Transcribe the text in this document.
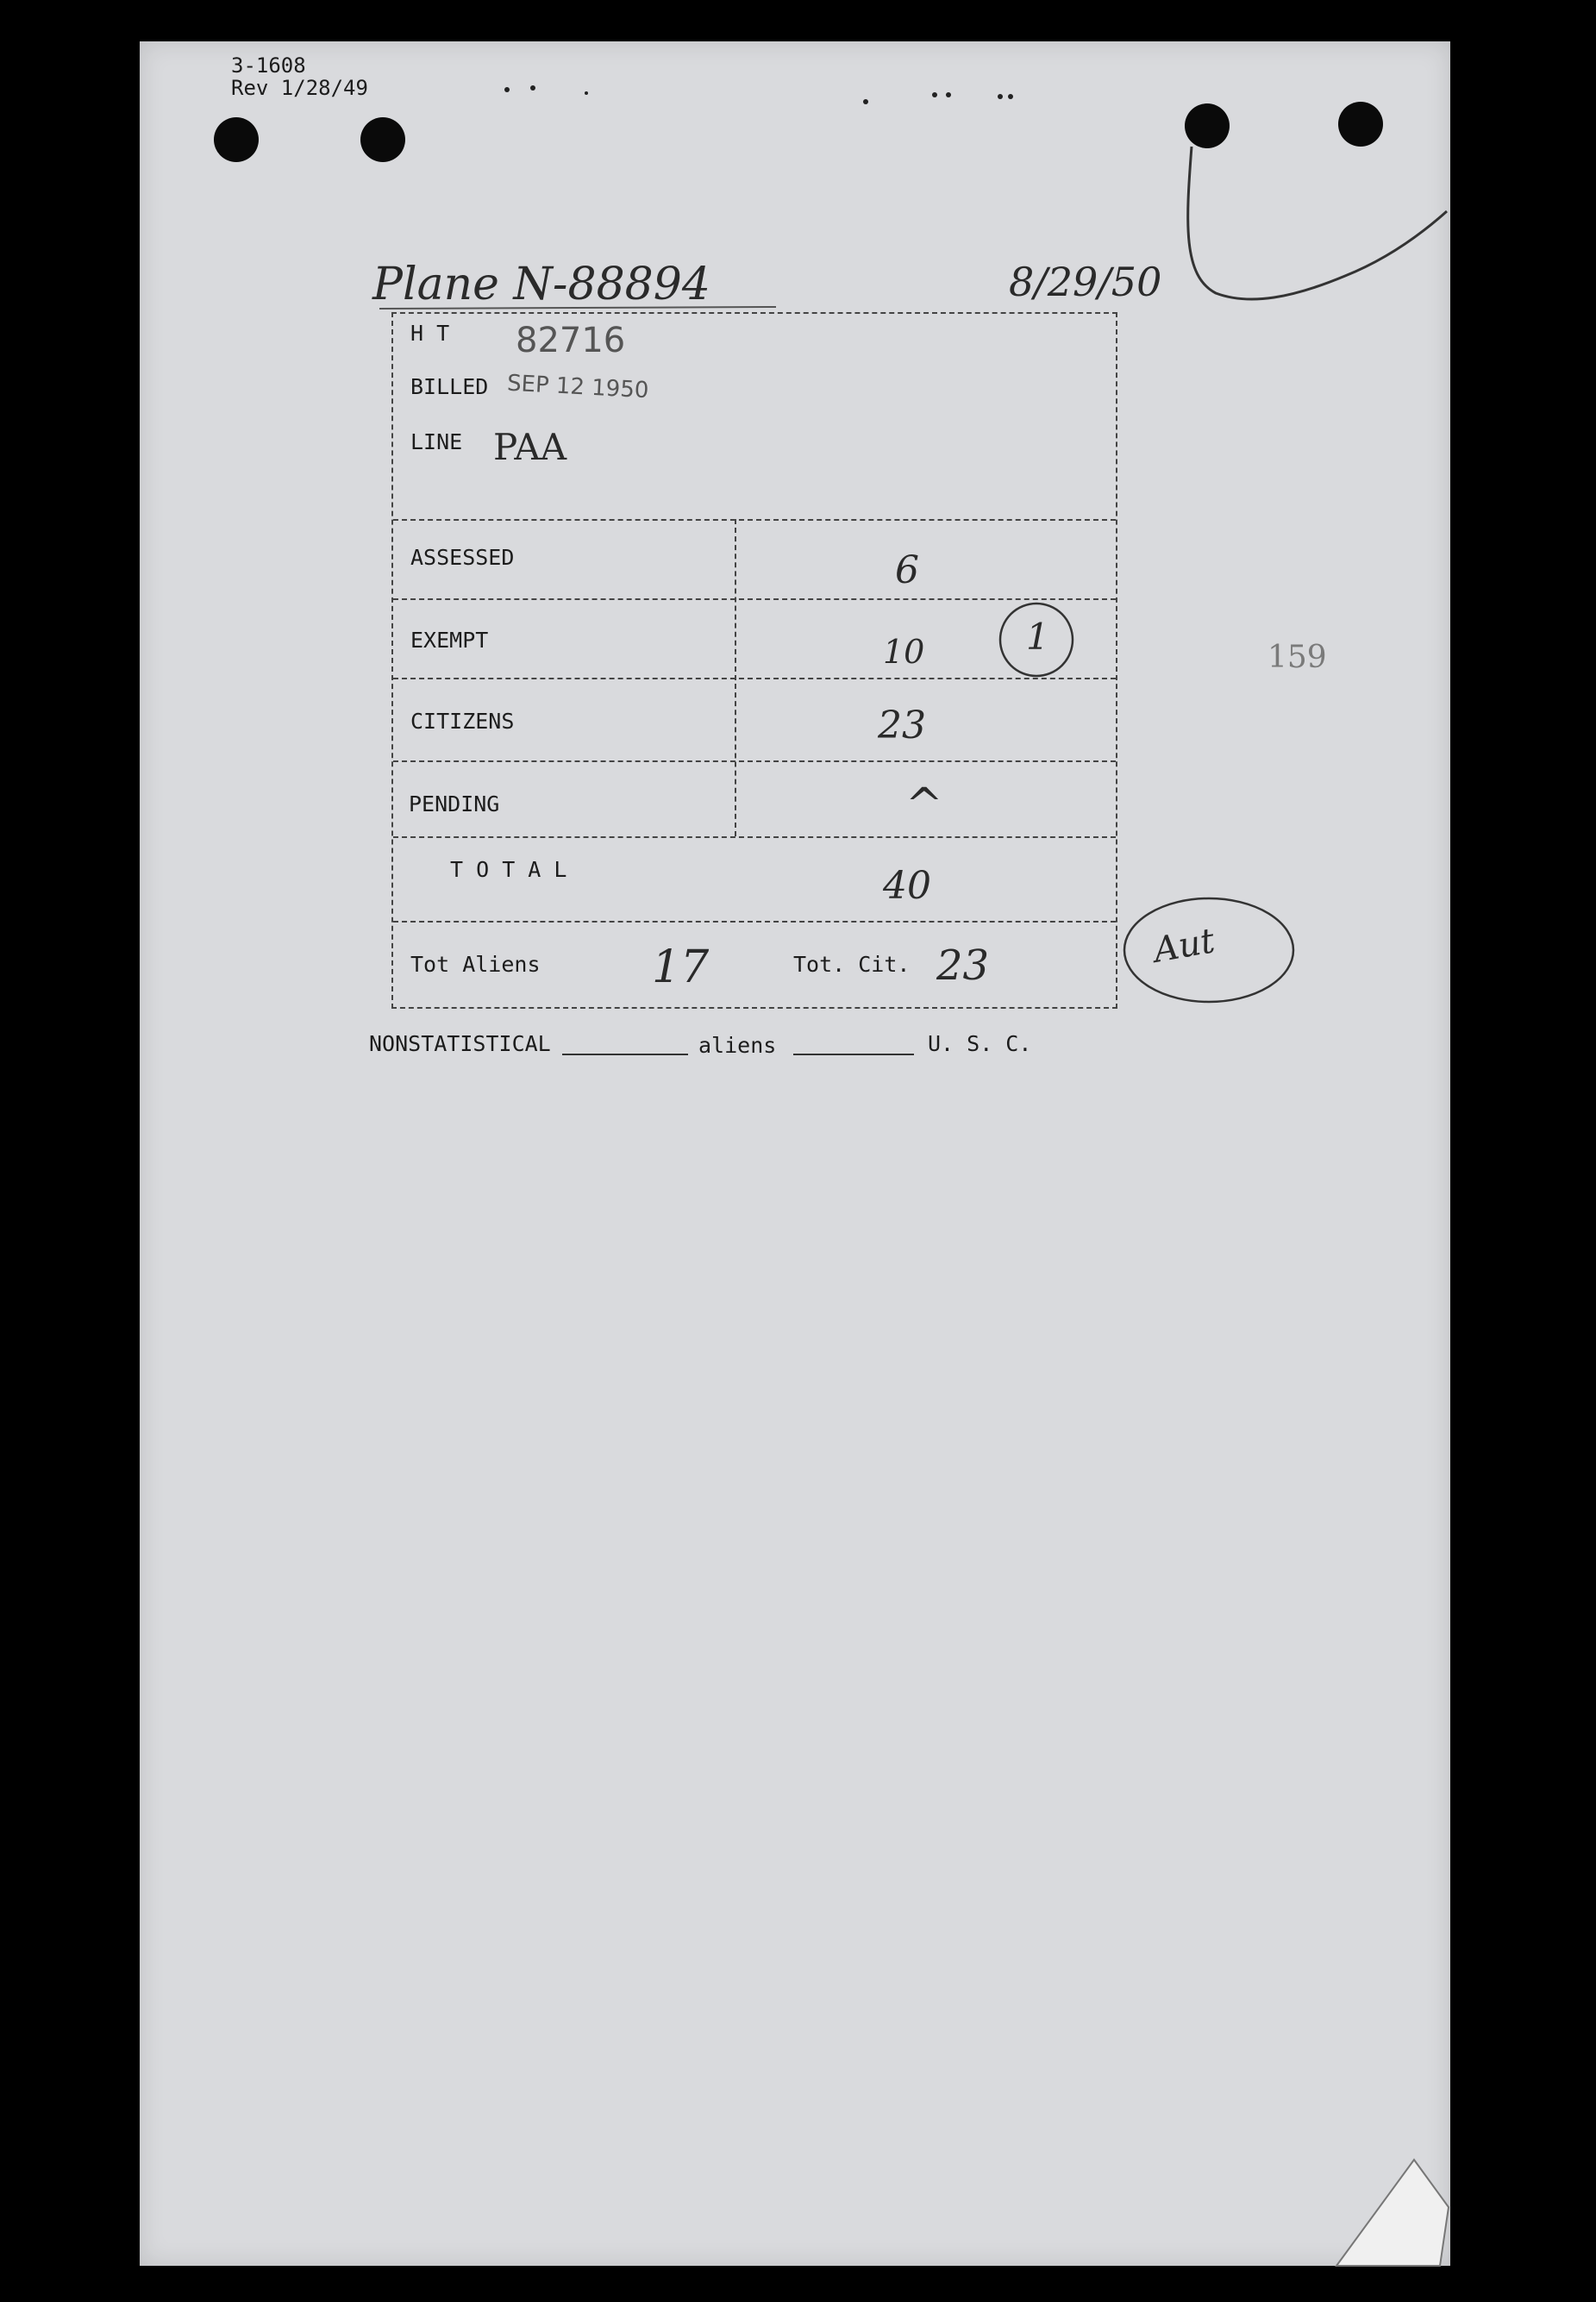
3-1608
Rev 1/28/49
Plane N-88894	8/29/50
H T 82716
BILLED SEP 12 1950
LINE PAA
ASSESSED	6
EXEMPT	10	1
CITIZENS	23
PENDING	^
T O T A L	40
Tot Aliens 17	Tot. Cit. 23	Aut
NONSTATISTICAL	aliens	U. S. C.
159
